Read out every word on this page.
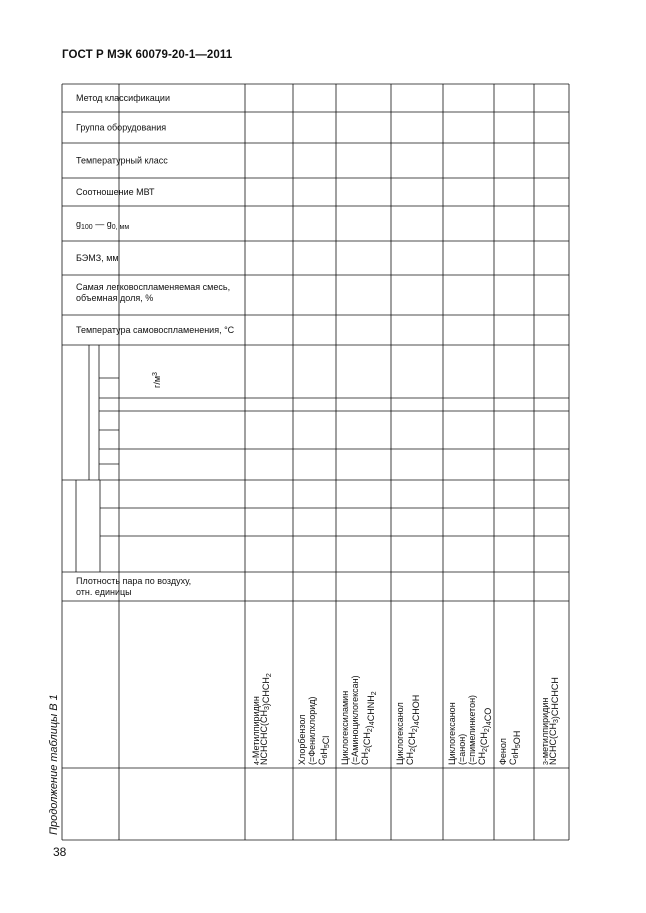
ГОСТ Р МЭК 60079-20-1—2011
38
Продолжение таблицы В 1
Метод классификации
Группа оборудования
Температурный класс
Соотношение МВТ
$g_{100}$ — $g_{0, мм}$
БЭМЗ, мм
Самая легковоспламеняемая смесь,
объемная доля, %
Температура самовоспламенения, °С
Плотность пара по воздуху,
отн. единицы
$г/м^3$
$_4$-Метилпиридин
$NCHCHC(CH_3)CHCH_2$
Хлорбензол (=Фенилхлорид) $C_6H_5Cl$ Циклогексиламин (=Аминоциклогексан) $CH_2(CH_2)_4CHNH_2$
Циклогексанол $CH_2(CH_2)_4CHOH$	Циклогексанон (=анон) (=пимелинкетон) $CH_2(CH_2)_4CO$
Фенол $C_6H_5OH$
$_3$-метилпиридин
$NCHC(CH_3)CHCHCH$
